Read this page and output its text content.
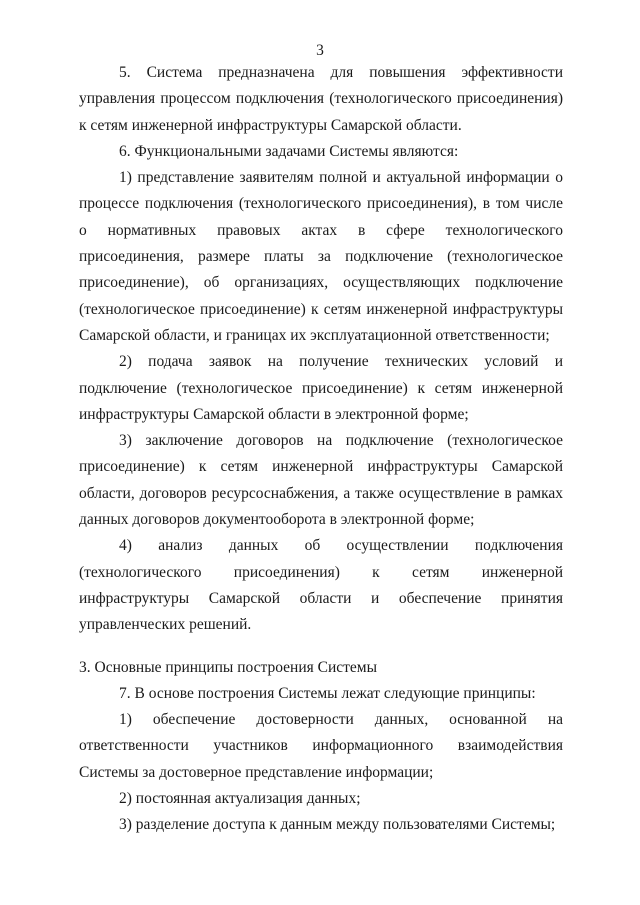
3

5. Система предназначена для повышения эффективности управления процессом подключения (технологического присоединения) к сетям инженерной инфраструктуры Самарской области.

6. Функциональными задачами Системы являются:

1) представление заявителям полной и актуальной информации о процессе подключения (технологического присоединения), в том числе о нормативных правовых актах в сфере технологического присоединения, размере платы за подключение (технологическое присоединение), об организациях, осуществляющих подключение (технологическое присоединение) к сетям инженерной инфраструктуры Самарской области, и границах их эксплуатационной ответственности;

2) подача заявок на получение технических условий и подключение (технологическое присоединение) к сетям инженерной инфраструктуры Самарской области в электронной форме;

3) заключение договоров на подключение (технологическое присоединение) к сетям инженерной инфраструктуры Самарской области, договоров ресурсоснабжения, а также осуществление в рамках данных договоров документооборота в электронной форме;

4) анализ данных об осуществлении подключения (технологического присоединения) к сетям инженерной инфраструктуры Самарской области и обеспечение принятия управленческих решений.

3. Основные принципы построения Системы

7. В основе построения Системы лежат следующие принципы:

1) обеспечение достоверности данных, основанной на ответственности участников информационного взаимодействия Системы за достоверное представление информации;

2) постоянная актуализация данных;

3) разделение доступа к данным между пользователями Системы;
